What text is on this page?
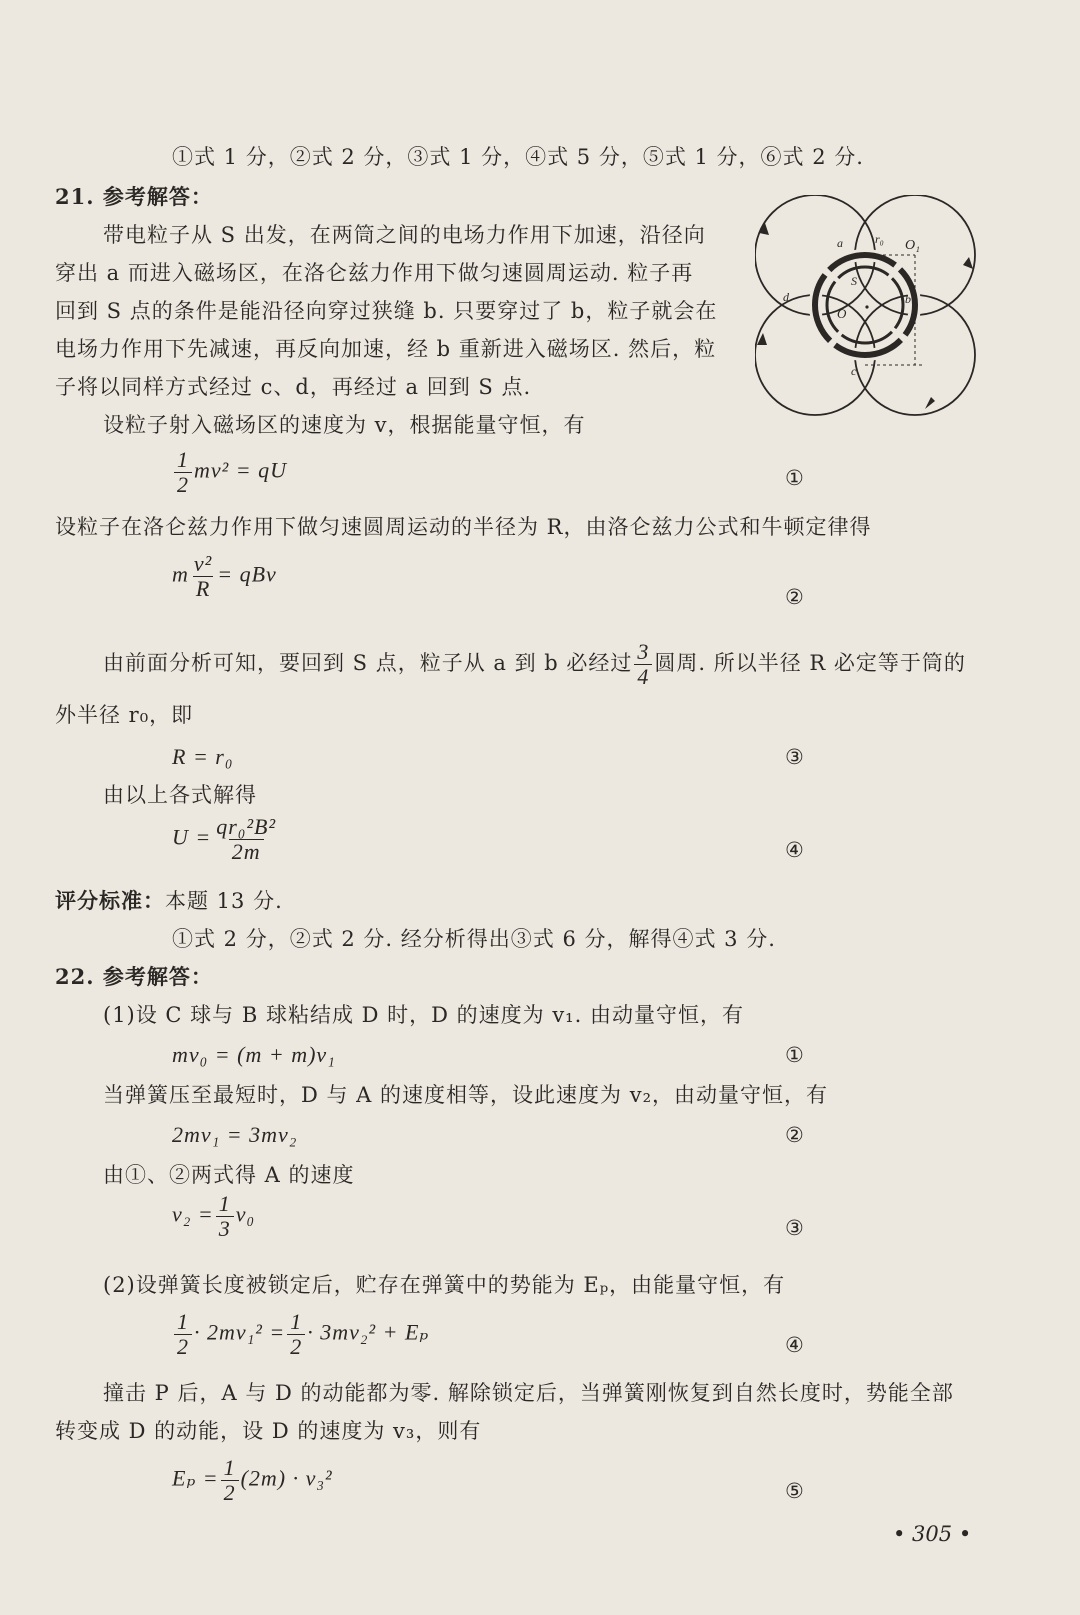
①式 1 分，②式 2 分，③式 1 分，④式 5 分，⑤式 1 分，⑥式 2 分.
21. 参考解答：
带电粒子从 S 出发，在两筒之间的电场力作用下加速，沿径向
穿出 a 而进入磁场区，在洛仑兹力作用下做匀速圆周运动. 粒子再
回到 S 点的条件是能沿径向穿过狭缝 b. 只要穿过了 b，粒子就会在
电场力作用下先减速，再反向加速，经 b 重新进入磁场区. 然后，粒
子将以同样方式经过 c、d，再经过 a 回到 S 点.
设粒子射入磁场区的速度为 v，根据能量守恒，有
$\frac{1}{2} mv^2$ = qU	①
设粒子在洛仑兹力作用下做匀速圆周运动的半径为 R，由洛仑兹力公式和牛顿定律得
m $\frac{\text{v²}}{R}$ = qBv
②
由前面分析可知，要回到 S 点，粒子从 a 到 b 必经过 $\frac{3}{4}$ 圆周. 所以半径 R 必定等于筒的
外半径 r₀，即
R = r₀	③
由以上各式解得
$U = \frac{\text{qr₀²B²}}{2m}$	④
评分标准：本题 13 分.
①式 2 分，②式 2 分. 经分析得出③式 6 分，解得④式 3 分.
22. 参考解答：
(1)设 C 球与 B 球粘结成 D 时，D 的速度为 v₁. 由动量守恒，有
mv₀ = (m + m)v₁	①
当弹簧压至最短时，D 与 A 的速度相等，设此速度为 v₂，由动量守恒，有
2mv₁ = 3mv₂	②
由①、②两式得 A 的速度
$v_2 = \frac{1}{3} v_0$
③
(2)设弹簧长度被锁定后，贮存在弹簧中的势能为 Eₚ，由能量守恒，有
$\frac{1}{2} \cdot 2mv_1^2 = \frac{1}{2} \cdot 3mv_2^2 + E_p$
④
撞击 P 后，A 与 D 的动能都为零. 解除锁定后，当弹簧刚恢复到自然长度时，势能全部
转变成 D 的动能，设 D 的速度为 v₃，则有
$E_p = \frac{1}{2} (2m) \cdot v_3^2$
⑤
• 305 •
a
b
c
d
S
O
O₁
r₀
